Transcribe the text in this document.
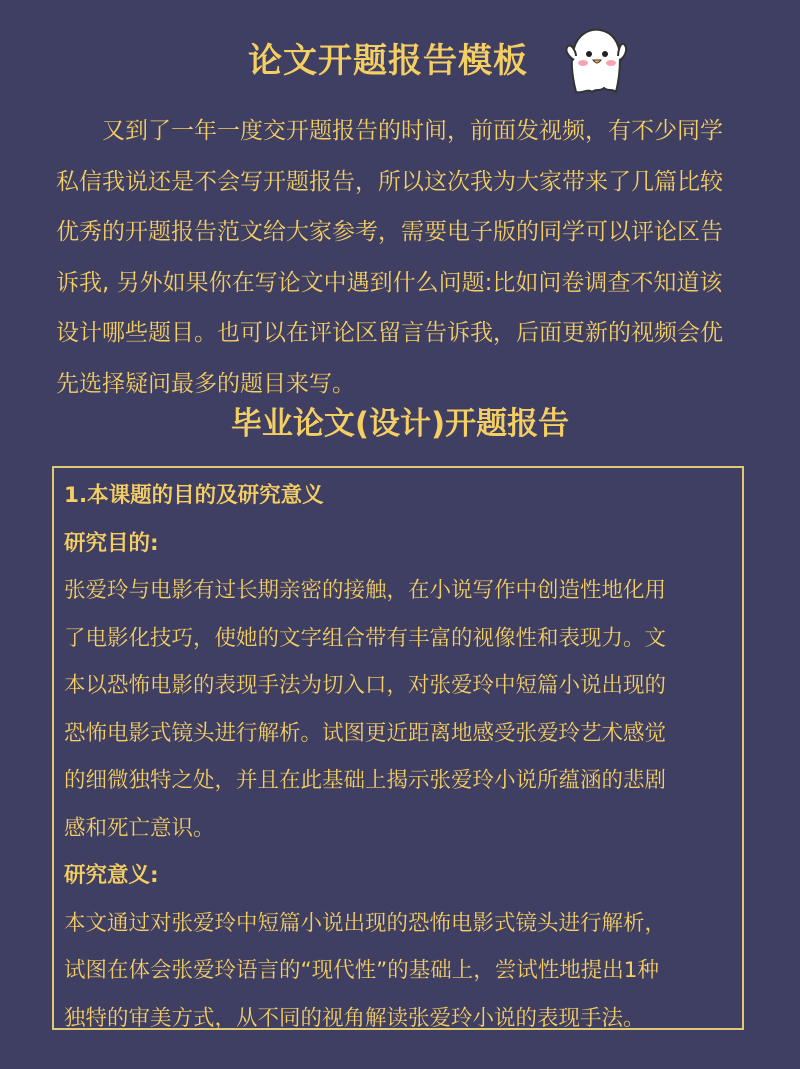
论文开题报告模板

又到了一年一度交开题报告的时间，前面发视频，有不少同学
私信我说还是不会写开题报告，所以这次我为大家带来了几篇比较
优秀的开题报告范文给大家参考，需要电子版的同学可以评论区告
诉我, 另外如果你在写论文中遇到什么问题:比如问卷调查不知道该
设计哪些题目。也可以在评论区留言告诉我，后面更新的视频会优
先选择疑问最多的题目来写。

毕业论文(设计)开题报告
1.本课题的目的及研究意义
研究目的:
张爱玲与电影有过长期亲密的接触，在小说写作中创造性地化用
了电影化技巧，使她的文字组合带有丰富的视像性和表现力。文
本以恐怖电影的表现手法为切入口，对张爱玲中短篇小说出现的
恐怖电影式镜头进行解析。试图更近距离地感受张爱玲艺术感觉
的细微独特之处，并且在此基础上揭示张爱玲小说所蕴涵的悲剧
感和死亡意识。
研究意义:
本文通过对张爱玲中短篇小说出现的恐怖电影式镜头进行解析，
试图在体会张爱玲语言的“现代性”的基础上，尝试性地提出1种
独特的审美方式，从不同的视角解读张爱玲小说的表现手法。
